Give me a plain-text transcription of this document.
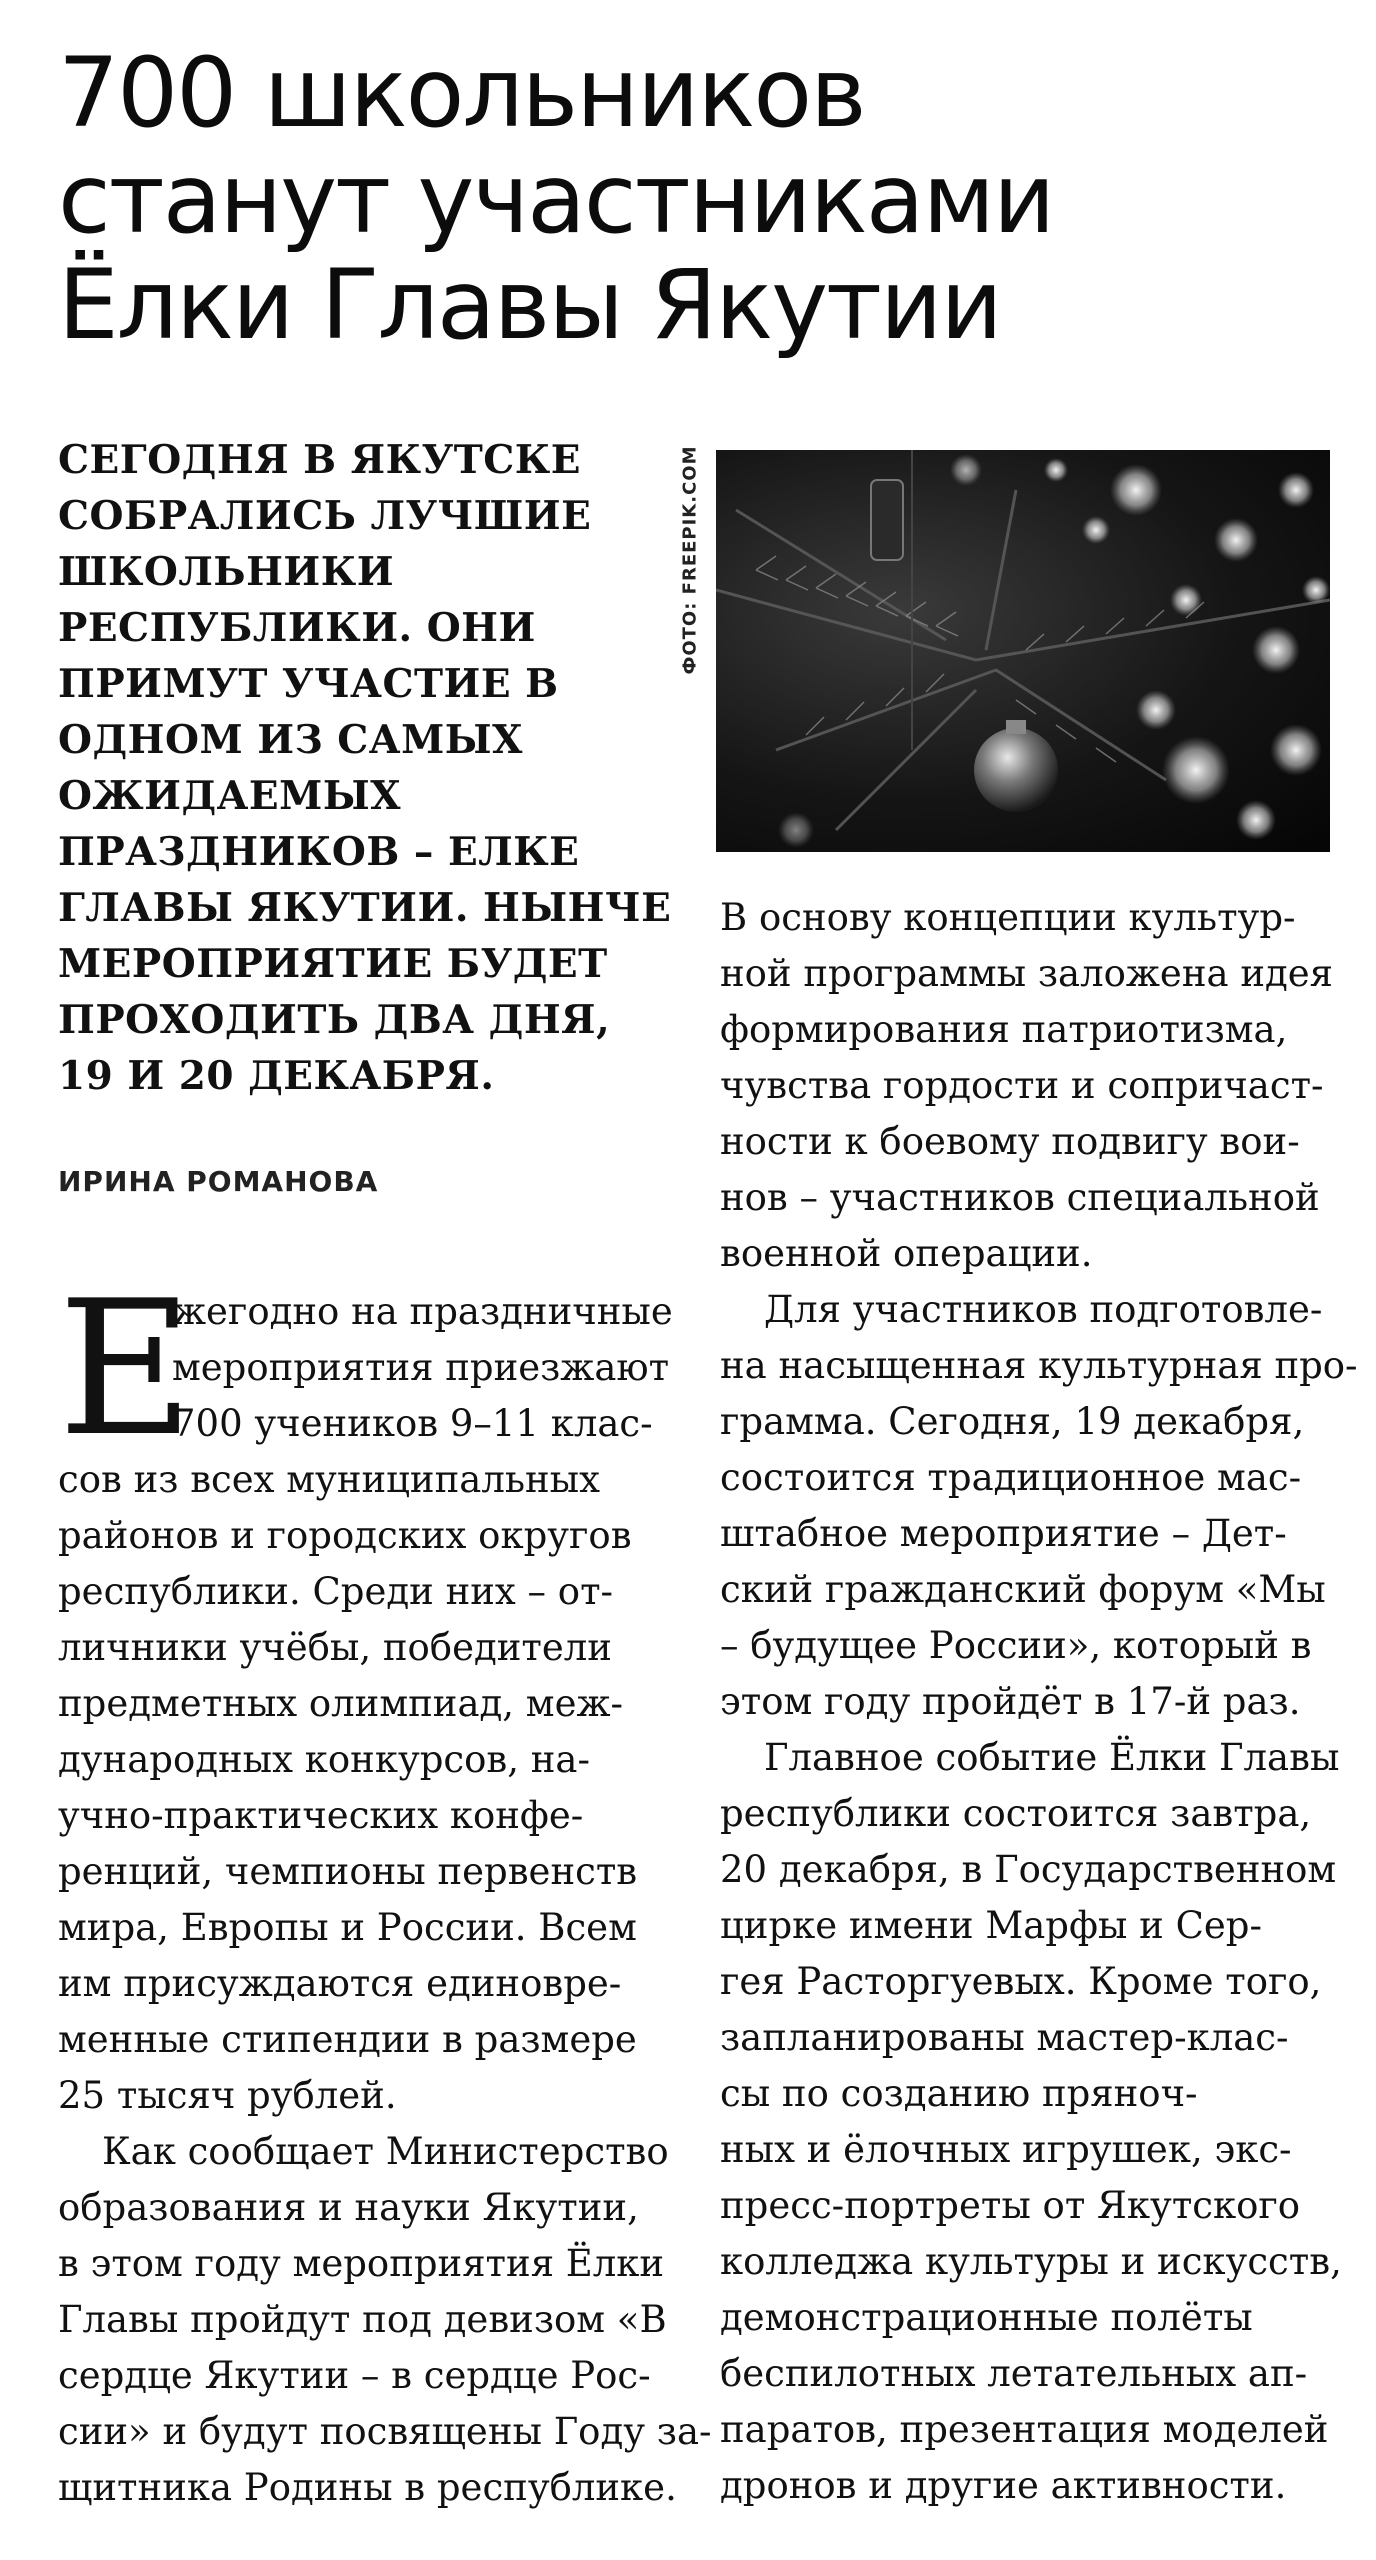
700 школьников
станут участниками
Ёлки Главы Якутии
СЕГОДНЯ В ЯКУТСКЕ
СОБРАЛИСЬ ЛУЧШИЕ
ШКОЛЬНИКИ
РЕСПУБЛИКИ. ОНИ
ПРИМУТ УЧАСТИЕ В
ОДНОМ ИЗ САМЫХ
ОЖИДАЕМЫХ
ПРАЗДНИКОВ – ЕЛКЕ
ГЛАВЫ ЯКУТИИ. НЫНЧЕ
МЕРОПРИЯТИЕ БУДЕТ
ПРОХОДИТЬ ДВА ДНЯ,
19 И 20 ДЕКАБРЯ.
ИРИНА РОМАНОВА
ФОТО: FREEPIK.COM
Е
жегодно на праздничные
мероприятия приезжают
700 учеников 9–11 клас-
сов из всех муниципальных
районов и городских округов
республики. Среди них – от-
личники учёбы, победители
предметных олимпиад, меж-
дународных конкурсов, на-
учно-практических конфе-
ренций, чемпионы первенств
мира, Европы и России. Всем
им присуждаются единовре-
менные стипендии в размере
25 тысяч рублей.
Как сообщает Министерство
образования и науки Якутии,
в этом году мероприятия Ёлки
Главы пройдут под девизом «В
сердце Якутии – в сердце Рос-
сии» и будут посвящены Году за-
щитника Родины в республике.
В основу концепции культур-
ной программы заложена идея
формирования патриотизма,
чувства гордости и сопричаст-
ности к боевому подвигу вои-
нов – участников специальной
военной операции.
Для участников подготовле-
на насыщенная культурная про-
грамма. Сегодня, 19 декабря,
состоится традиционное мас-
штабное мероприятие – Дет-
ский гражданский форум «Мы
– будущее России», который в
этом году пройдёт в 17-й раз.
Главное событие Ёлки Главы
республики состоится завтра,
20 декабря, в Государственном
цирке имени Марфы и Сер-
гея Расторгуевых. Кроме того,
запланированы мастер-клас-
сы по созданию пряноч-
ных и ёлочных игрушек, экс-
пресс-портреты от Якутского
колледжа культуры и искусств,
демонстрационные полёты
беспилотных летательных ап-
паратов, презентация моделей
дронов и другие активности.
